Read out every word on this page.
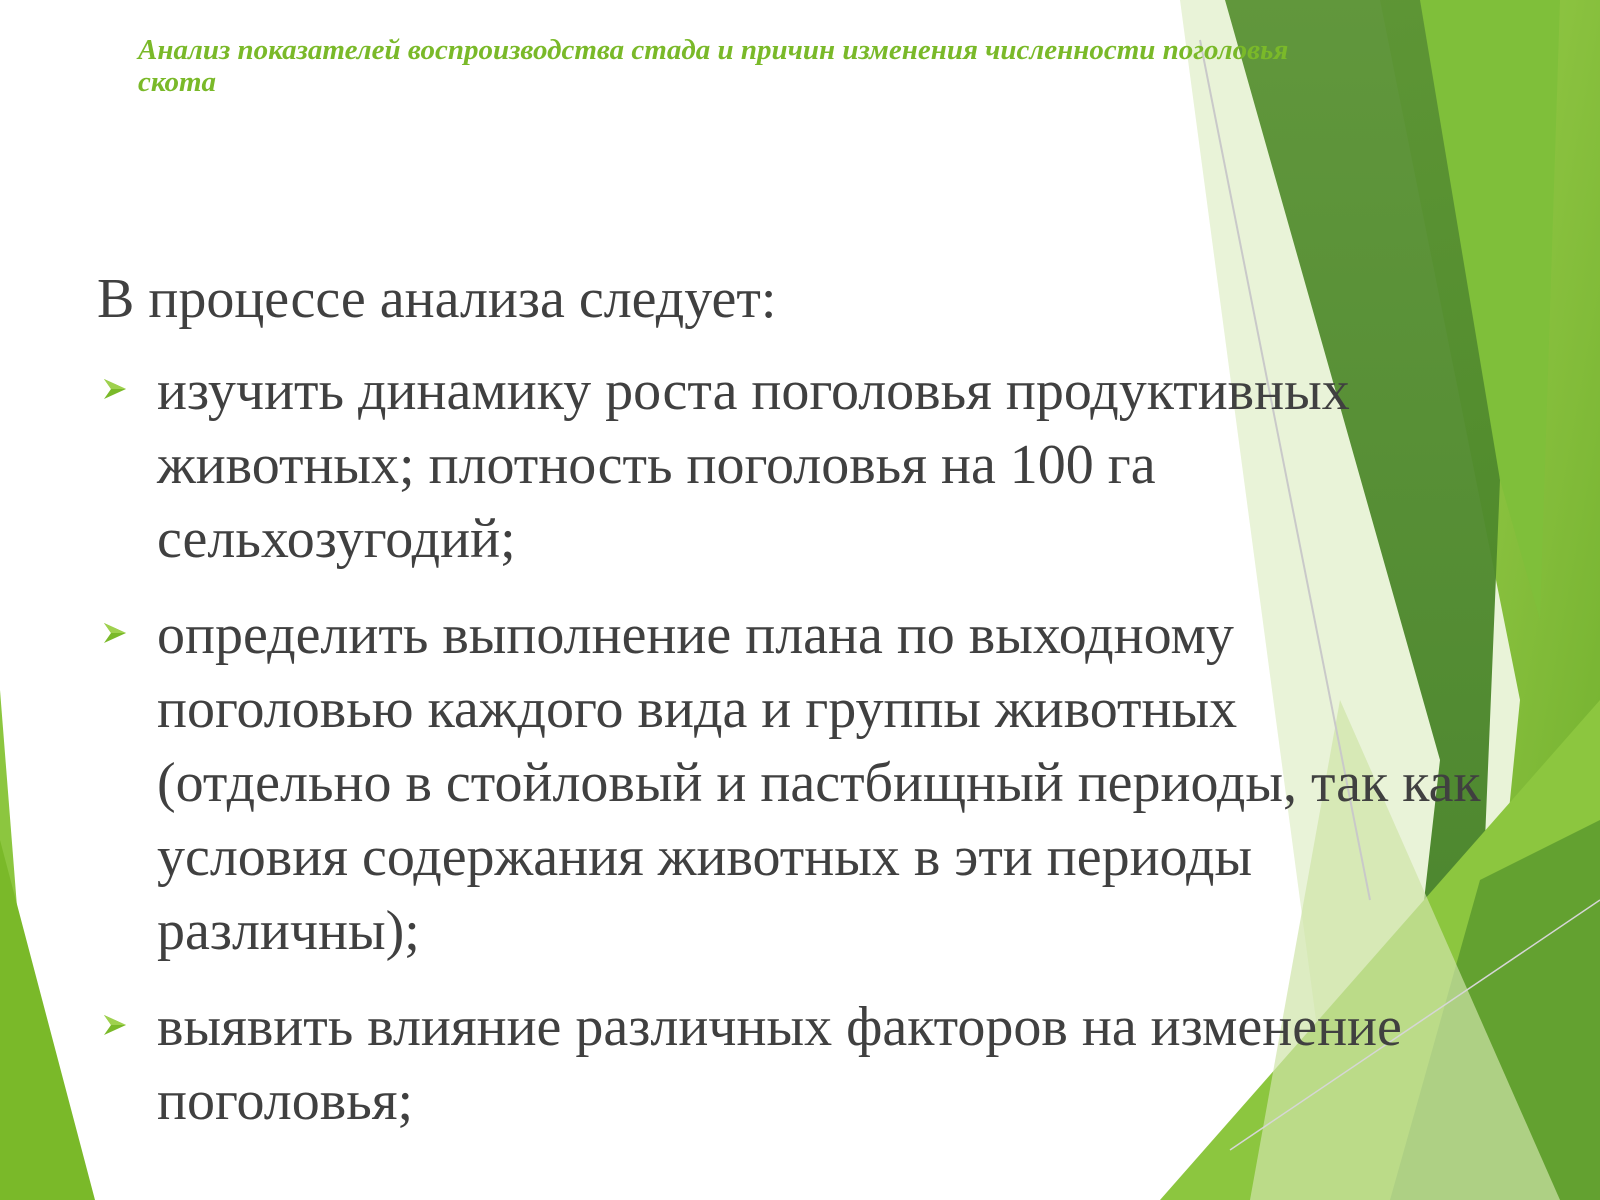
Анализ показателей воспроизводства стада и причин изменения численности поголовья
скота

В процессе анализа следует:

изучить динамику роста поголовья продуктивных
животных; плотность поголовья на 100 га
сельхозугодий;
определить выполнение плана по выходному
поголовью каждого вида и группы животных
(отдельно в стойловый и пастбищный периоды, так как
условия содержания животных в эти периоды
различны);
выявить влияние различных факторов на изменение
поголовья;
